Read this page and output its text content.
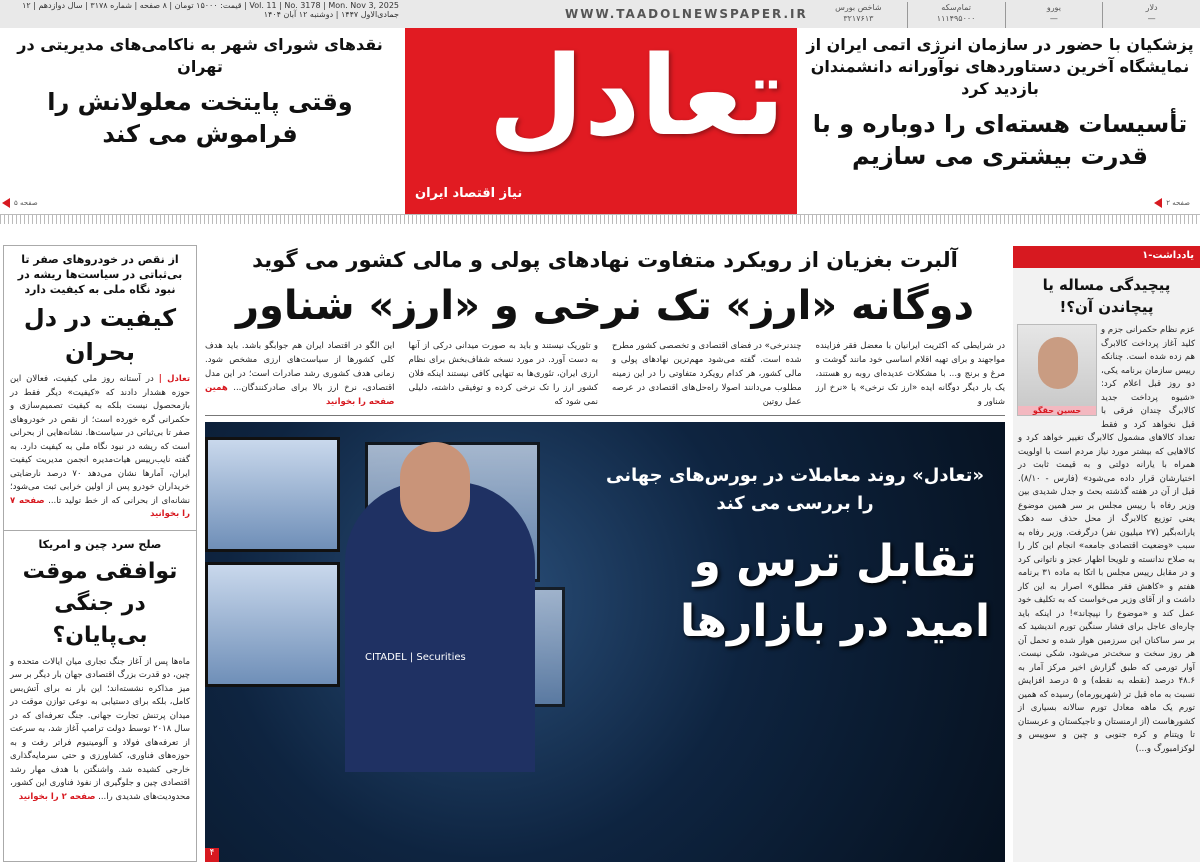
Vol. 11 | No. 3178 | Mon. Nov 3, 2025 | قیمت: ۱۵۰۰۰ تومان | ۸ صفحه | شماره ۳۱۷۸ | سال دوازدهم | ۱۲ جمادی‌الاول ۱۴۴۷ | دوشنبه ۱۲ آبان ۱۴۰۴
دلار
—
یورو
—
تمام‌سکه
۱۱۱۴۹۵۰۰۰
شاخص بورس
۳۲۱۷۶۱۳
تعادل
نیاز اقتصاد ایران
WWW.TAADOLNEWSPAPER.IR
پزشکیان با حضور در سازمان انرژی اتمی ایران از نمایشگاه آخرین دستاوردهای نوآورانه دانشمندان بازدید کرد
تأسیسات هسته‌ای را دوباره و با قدرت بیشتری می سازیم
صفحه ۲
نقدهای شورای شهر به ناکامی‌های مدیریتی در تهران
وقتی پایتخت معلولانش را فراموش می کند
صفحه ۵
از نقص در خودروهای صفر تا بی‌ثباتی در سیاست‌ها ریشه در نبود نگاه ملی به کیفیت دارد
کیفیت در دل بحران
تعادل | در آستانه روز ملی کیفیت، فعالان این حوزه هشدار دادند که «کیفیت» دیگر فقط در بازمحصول نیست بلکه به کیفیت تصمیم‌سازی و حکمرانی گره خورده است؛ از نقص در خودروهای صفر تا بی‌ثباتی در سیاست‌ها. نشانه‌هایی از بحرانی است که ریشه در نبود نگاه ملی به کیفیت دارد. به گفته نایب‌رییس هیات‌مدیره انجمن مدیریت کیفیت ایران، آمارها نشان می‌دهد ۷۰ درصد نارضایتی خریداران خودرو پس از اولین خرابی ثبت می‌شود؛ نشانه‌ای از بحرانی که از خط تولید تا... صفحه ۷ را بخوانید
صلح سرد چین و امریکا
توافقی موقت در جنگی بی‌پایان؟
ماه‌ها پس از آغاز جنگ تجاری میان ایالات متحده و چین، دو قدرت بزرگ اقتصادی جهان بار دیگر بر سر میز مذاکره نشسته‌اند؛ این بار نه برای آتش‌بس کامل، بلکه برای دستیابی به نوعی توازن موقت در میدان پرتنش تجارت جهانی. جنگ تعرفه‌ای که در سال ۲۰۱۸ توسط دولت ترامپ آغاز شد، به سرعت از تعرفه‌های فولاد و آلومینیوم فراتر رفت و به حوزه‌های فناوری، کشاورزی و حتی سرمایه‌گذاری خارجی کشیده شد. واشنگتن با هدف مهار رشد اقتصادی چین و جلوگیری از نفوذ فناوری این کشور، محدودیت‌های شدیدی را... صفحه ۲ را بخوانید
آلبرت بغزیان از رویکرد متفاوت نهادهای پولی و مالی کشور می گوید
دوگانه «ارز» تک نرخی و «ارز» شناور
در شرایطی که اکثریت ایرانیان با معضل فقر فزاینده مواجهند و برای تهیه اقلام اساسی خود مانند گوشت و مرغ و برنج و... با مشکلات عدیده‌ای روبه رو هستند، یک بار دیگر دوگانه ایده «ارز تک نرخی» یا «نرخ ارز شناور و
چندنرخی» در فضای اقتصادی و تخصصی کشور مطرح شده است. گفته می‌شود مهم‌ترین نهادهای پولی و مالی کشور، هر کدام رویکرد متفاوتی را در این زمینه مطلوب می‌دانند اصولا راه‌حل‌های اقتصادی در عرصه عمل روتین
و تئوریک نیستند و باید به صورت میدانی درکی از آنها به دست آورد. در مورد نسخه شفاف‌بخش برای نظام ارزی ایران، تئوری‌ها به تنهایی کافی نیستند اینکه فلان کشور ارز را تک نرخی کرده و توفیقی داشته، دلیلی نمی شود که
این الگو در اقتصاد ایران هم جوابگو باشد. باید هدف کلی کشورها از سیاست‌های ارزی مشخص شود. زمانی هدف کشوری رشد صادرات است؛ در این مدل اقتصادی، نرخ ارز بالا برای صادرکنندگان... همین صفحه را بخوانید
CITADEL | Securities
«تعادل» روند معاملات در بورس‌های جهانی را بررسی می کند
تقابل ترس و امید در بازارها
۴
یادداشت-۱
پیچیدگی مساله یا پیچاندن آن؟!
حسین حقگو
عزم نظام حکمرانی جزم و کلید آغاز پرداخت کالابرگ هم زده شده است. چنانکه رییس سازمان برنامه یکی، دو روز قبل اعلام کرد: «شیوه پرداخت جدید کالابرگ چندان فرقی با قبل نخواهد کرد و فقط تعداد کالاهای مشمول کالابرگ تغییر خواهد کرد و کالاهایی که بیشتر مورد نیاز مردم است با اولویت همراه با یارانه دولتی و به قیمت ثابت در اختیارشان قرار داده می‌شود» (فارس - ۸/۱۰). قبل از آن در هفته گذشته بحث و جدل شدیدی بین وزیر رفاه با رییس مجلس بر سر همین موضوع یعنی توزیع کالابرگ از محل حذف سه دهک یارانه‌بگیر (۲۷ میلیون نفر) درگرفت. وزیر رفاه به سبب «وضعیت اقتصادی جامعه» انجام این کار را به صلاح ندانسته و تلویحا اظهار عجز و ناتوانی کرد و در مقابل رییس مجلس با اتکا به ماده ۳۱ برنامه هفتم و «کاهش فقر مطلق» اصرار به این کار داشت و از آقای وزیر می‌خواست که به تکلیف خود عمل کند و «موضوع را نپیچاند»! در اینکه باید چاره‌ای عاجل برای فشار سنگین تورم اندیشید که بر سر ساکنان این سرزمین هوار شده و تحمل آن هر روز سخت و سخت‌تر می‌شود، شکی نیست. آوار تورمی که طبق گزارش اخیر مرکز آمار به ۴۸.۶ درصد (نقطه به نقطه) و ۵ درصد افزایش نسبت به ماه قبل تر (شهریورماه) رسیده که همین تورم یک ماهه معادل تورم سالانه بسیاری از کشورهاست (از ارمنستان و تاجیکستان و عربستان تا ویتنام و کره جنوبی و چین و سوییس و لوکزامبورگ و...)
